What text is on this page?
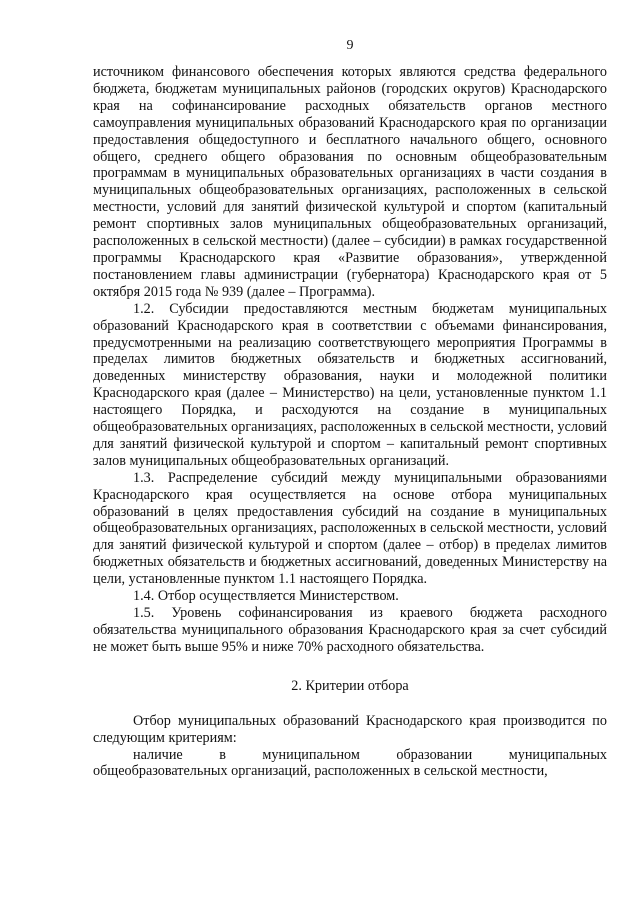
9

источником финансового обеспечения которых являются средства федерального бюджета, бюджетам муниципальных районов (городских округов) Краснодарского края на софинансирование расходных обязательств органов местного самоуправления муниципальных образований Краснодарского края по организации предоставления общедоступного и бесплатного начального общего, основного общего, среднего общего образования по основным общеобразовательным программам в муниципальных образовательных организациях в части создания в муниципальных общеобразовательных организациях, расположенных в сельской местности, условий для занятий физической культурой и спортом (капитальный ремонт спортивных залов муниципальных общеобразовательных организаций, расположенных в сельской местности) (далее – субсидии) в рамках государственной программы Краснодарского края «Развитие образования», утвержденной постановлением главы администрации (губернатора) Краснодарского края от 5 октября 2015 года № 939 (далее – Программа).

1.2. Субсидии предоставляются местным бюджетам муниципальных образований Краснодарского края в соответствии с объемами финансирования, предусмотренными на реализацию соответствующего мероприятия Программы в пределах лимитов бюджетных обязательств и бюджетных ассигнований, доведенных министерству образования, науки и молодежной политики Краснодарского края (далее – Министерство) на цели, установленные пунктом 1.1 настоящего Порядка, и расходуются на создание в муниципальных общеобразовательных организациях, расположенных в сельской местности, условий для занятий физической культурой и спортом – капитальный ремонт спортивных залов муниципальных общеобразовательных организаций.

1.3. Распределение субсидий между муниципальными образованиями Краснодарского края осуществляется на основе отбора муниципальных образований в целях предоставления субсидий на создание в муниципальных общеобразовательных организациях, расположенных в сельской местности, условий для занятий физической культурой и спортом (далее – отбор) в пределах лимитов бюджетных обязательств и бюджетных ассигнований, доведенных Министерству на цели, установленные пунктом 1.1 настоящего Порядка.

1.4. Отбор осуществляется Министерством.

1.5. Уровень софинансирования из краевого бюджета расходного обязательства муниципального образования Краснодарского края за счет субсидий не может быть выше 95% и ниже 70% расходного обязательства.

2. Критерии отбора

Отбор муниципальных образований Краснодарского края производится по следующим критериям:

наличие в муниципальном образовании муниципальных общеобразовательных организаций, расположенных в сельской местности,
